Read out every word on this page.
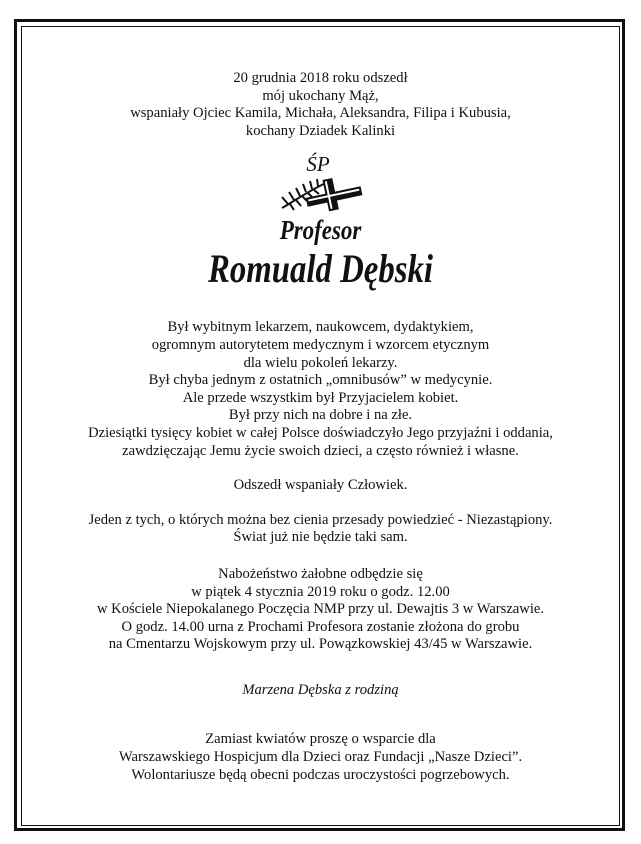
20 grudnia 2018 roku odszedł
mój ukochany Mąż,
wspaniały Ojciec Kamila, Michała, Aleksandra, Filipa i Kubusia,
kochany Dziadek Kalinki
ŚP
Profesor
Romuald Dębski
Był wybitnym lekarzem, naukowcem, dydaktykiem,
ogromnym autorytetem medycznym i wzorcem etycznym
dla wielu pokoleń lekarzy.
Był chyba jednym z ostatnich „omnibusów” w medycynie.
Ale przede wszystkim był Przyjacielem kobiet.
Był przy nich na dobre i na złe.
Dziesiątki tysięcy kobiet w całej Polsce doświadczyło Jego przyjaźni i oddania,
zawdzięczając Jemu życie swoich dzieci, a często również i własne.
Odszedł wspaniały Człowiek.
Jeden z tych, o których można bez cienia przesady powiedzieć - Niezastąpiony.
Świat już nie będzie taki sam.
Nabożeństwo żałobne odbędzie się
w piątek 4 stycznia 2019 roku o godz. 12.00
w Kościele Niepokalanego Poczęcia NMP przy ul. Dewajtis 3 w Warszawie.
O godz. 14.00 urna z Prochami Profesora zostanie złożona do grobu
na Cmentarzu Wojskowym przy ul. Powązkowskiej 43/45 w Warszawie.
Marzena Dębska z rodziną
Zamiast kwiatów proszę o wsparcie dla
Warszawskiego Hospicjum dla Dzieci oraz Fundacji „Nasze Dzieci”.
Wolontariusze będą obecni podczas uroczystości pogrzebowych.
